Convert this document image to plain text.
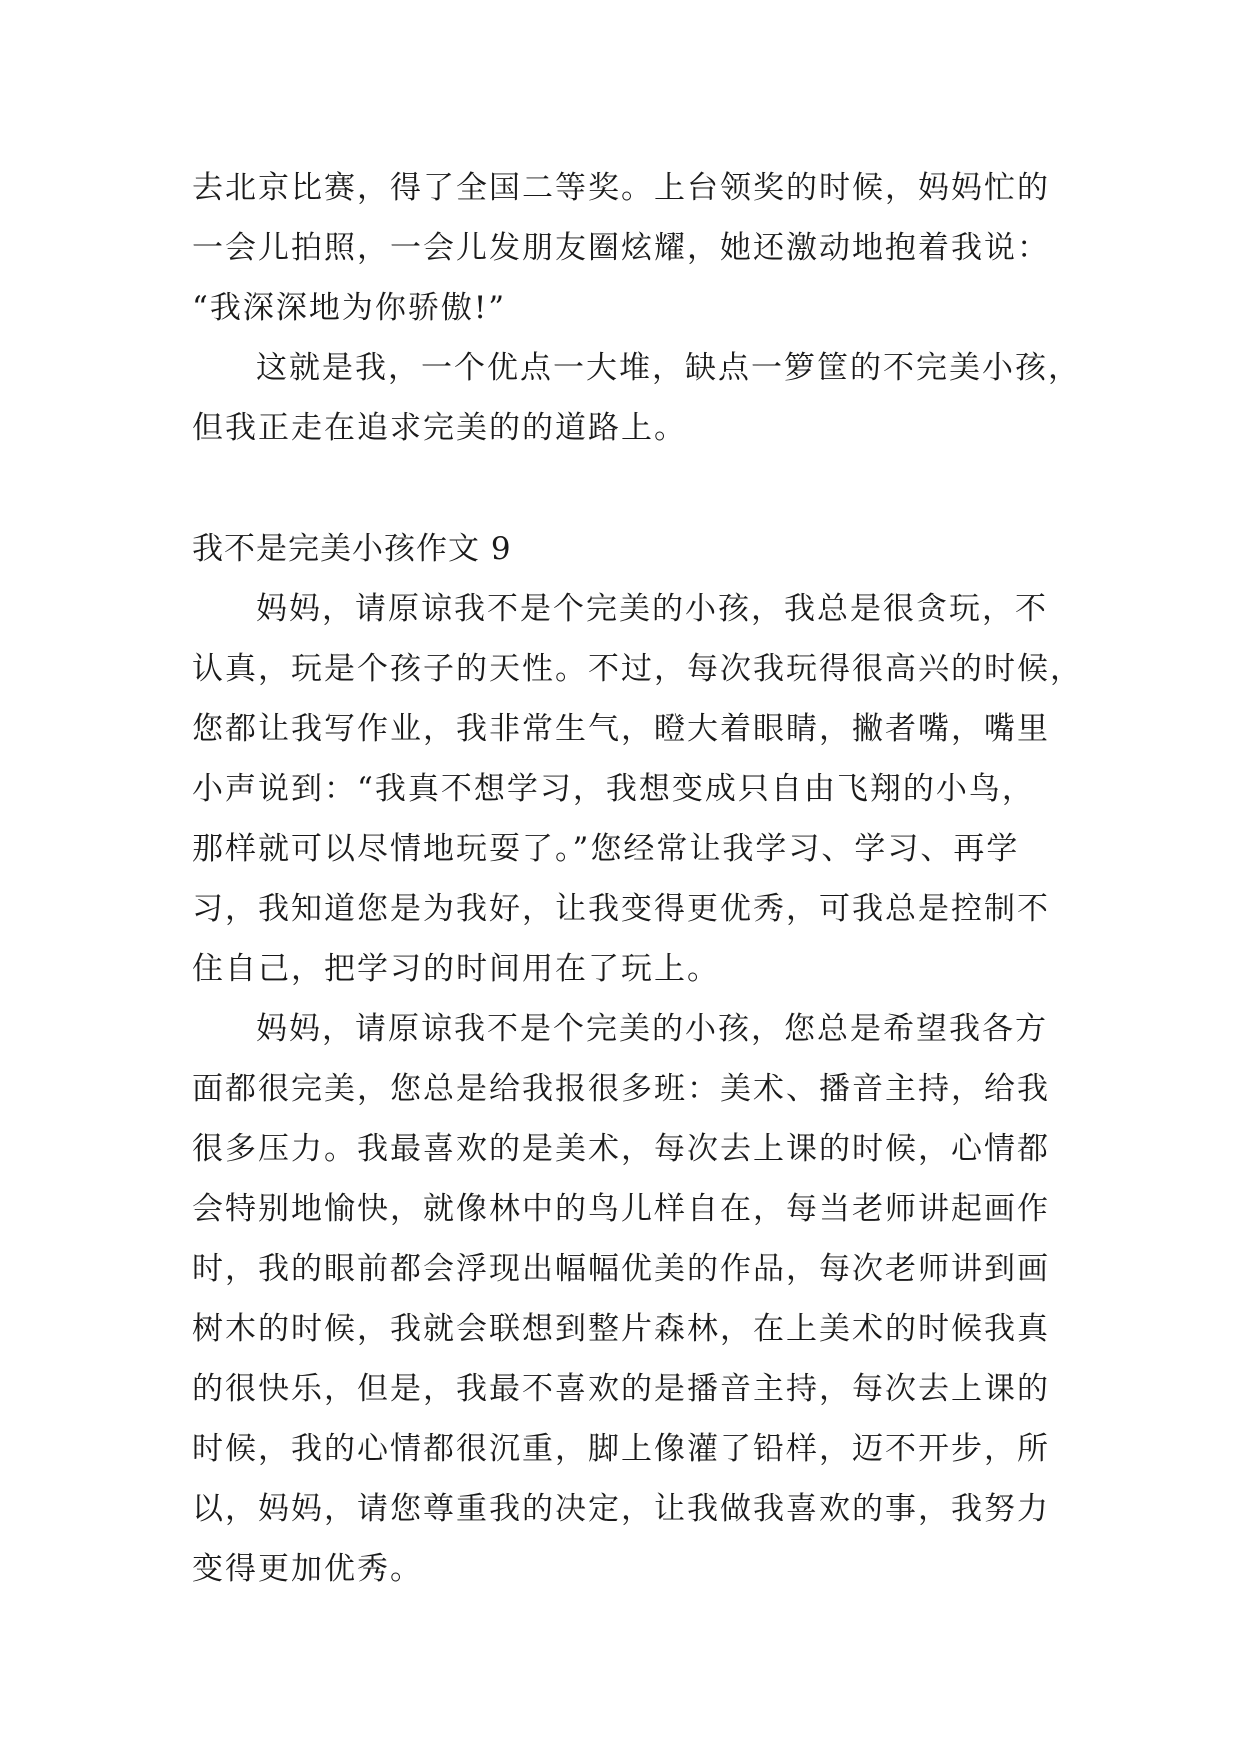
去北京比赛，得了全国二等奖。上台领奖的时候，妈妈忙的
一会儿拍照，一会儿发朋友圈炫耀，她还激动地抱着我说：
“我深深地为你骄傲!”
这就是我，一个优点一大堆，缺点一箩筐的不完美小孩，
但我正走在追求完美的的道路上。
我不是完美小孩作文 9
妈妈，请原谅我不是个完美的小孩，我总是很贪玩，不
认真，玩是个孩子的天性。不过，每次我玩得很高兴的时候，
您都让我写作业，我非常生气，瞪大着眼睛，撇者嘴，嘴里
小声说到：“我真不想学习，我想变成只自由飞翔的小鸟，
那样就可以尽情地玩耍了。”您经常让我学习、学习、再学
习，我知道您是为我好，让我变得更优秀，可我总是控制不
住自己，把学习的时间用在了玩上。
妈妈，请原谅我不是个完美的小孩，您总是希望我各方
面都很完美，您总是给我报很多班：美术、播音主持，给我
很多压力。我最喜欢的是美术，每次去上课的时候，心情都
会特别地愉快，就像林中的鸟儿样自在，每当老师讲起画作
时，我的眼前都会浮现出幅幅优美的作品，每次老师讲到画
树木的时候，我就会联想到整片森林，在上美术的时候我真
的很快乐，但是，我最不喜欢的是播音主持，每次去上课的
时候，我的心情都很沉重，脚上像灌了铅样，迈不开步，所
以，妈妈，请您尊重我的决定，让我做我喜欢的事，我努力
变得更加优秀。
